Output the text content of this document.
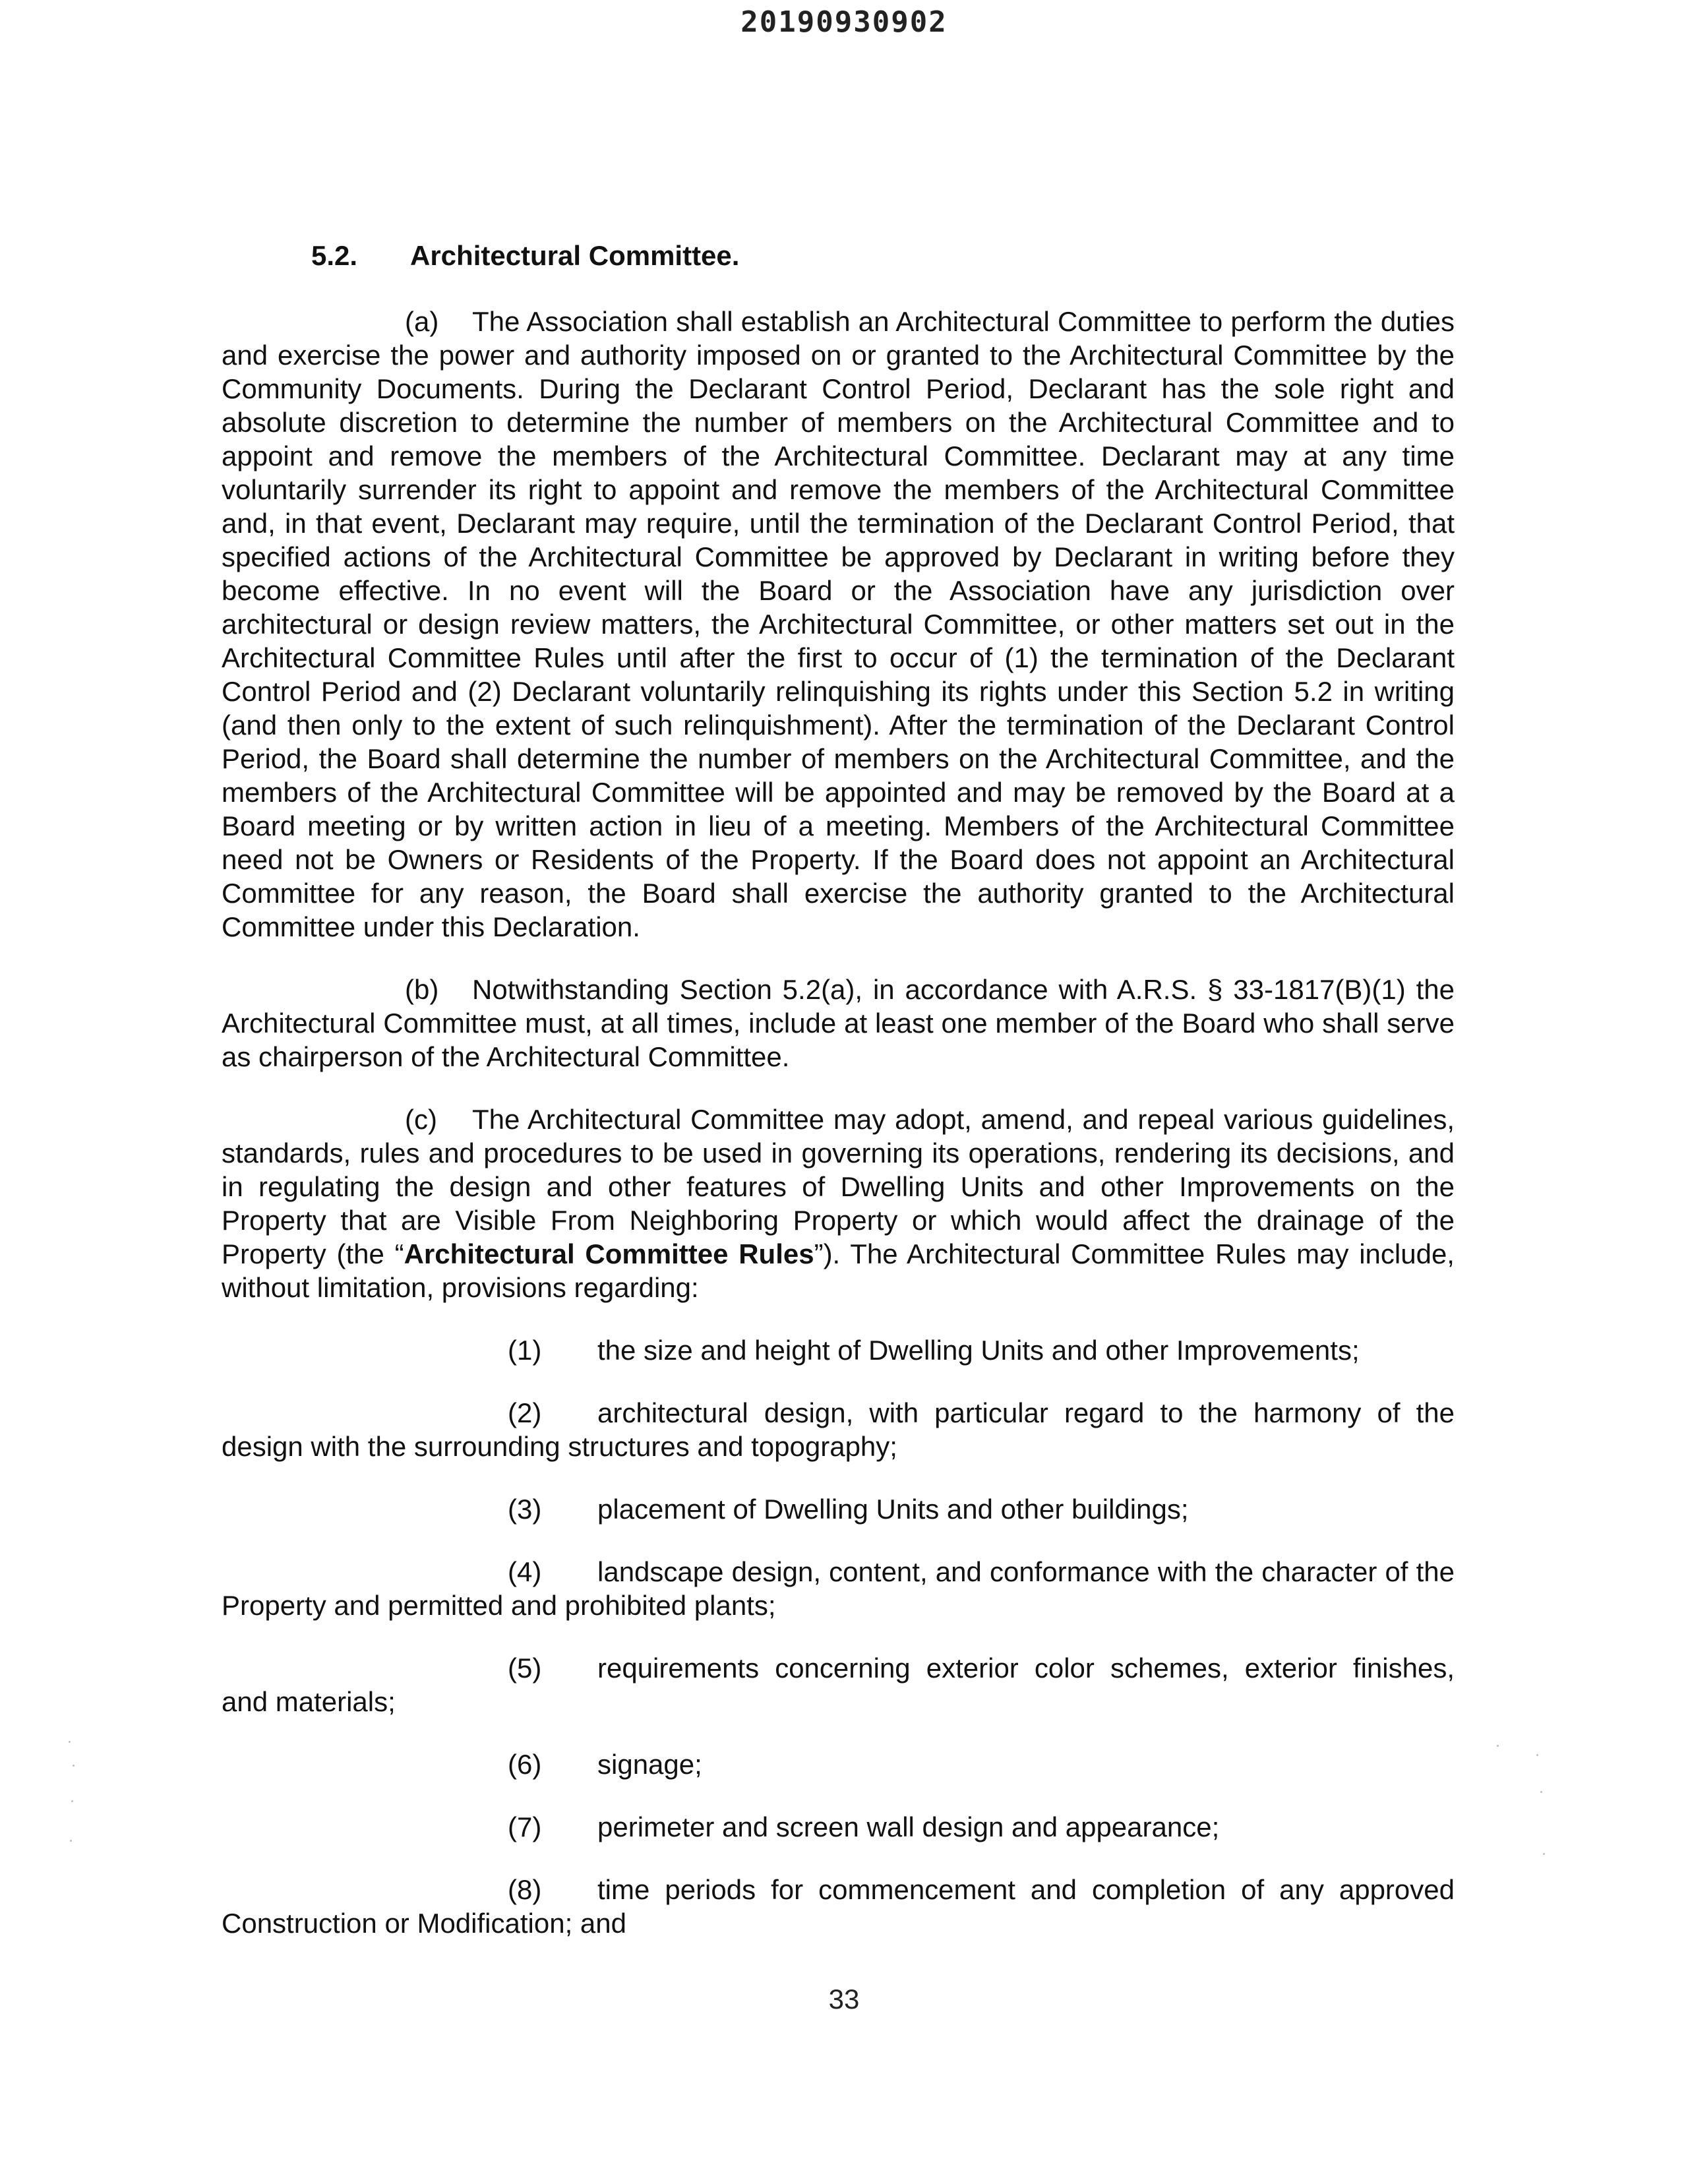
20190930902
5.2. Architectural Committee.
(a) The Association shall establish an Architectural Committee to perform the duties and exercise the power and authority imposed on or granted to the Architectural Committee by the Community Documents. During the Declarant Control Period, Declarant has the sole right and absolute discretion to determine the number of members on the Architectural Committee and to appoint and remove the members of the Architectural Committee. Declarant may at any time voluntarily surrender its right to appoint and remove the members of the Architectural Committee and, in that event, Declarant may require, until the termination of the Declarant Control Period, that specified actions of the Architectural Committee be approved by Declarant in writing before they become effective. In no event will the Board or the Association have any jurisdiction over architectural or design review matters, the Architectural Committee, or other matters set out in the Architectural Committee Rules until after the first to occur of (1) the termination of the Declarant Control Period and (2) Declarant voluntarily relinquishing its rights under this Section 5.2 in writing (and then only to the extent of such relinquishment). After the termination of the Declarant Control Period, the Board shall determine the number of members on the Architectural Committee, and the members of the Architectural Committee will be appointed and may be removed by the Board at a Board meeting or by written action in lieu of a meeting. Members of the Architectural Committee need not be Owners or Residents of the Property. If the Board does not appoint an Architectural Committee for any reason, the Board shall exercise the authority granted to the Architectural Committee under this Declaration.
(b) Notwithstanding Section 5.2(a), in accordance with A.R.S. § 33-1817(B)(1) the Architectural Committee must, at all times, include at least one member of the Board who shall serve as chairperson of the Architectural Committee.
(c) The Architectural Committee may adopt, amend, and repeal various guidelines, standards, rules and procedures to be used in governing its operations, rendering its decisions, and in regulating the design and other features of Dwelling Units and other Improvements on the Property that are Visible From Neighboring Property or which would affect the drainage of the Property (the “Architectural Committee Rules”). The Architectural Committee Rules may include, without limitation, provisions regarding:
(1) the size and height of Dwelling Units and other Improvements;
(2) architectural design, with particular regard to the harmony of the design with the surrounding structures and topography;
(3) placement of Dwelling Units and other buildings;
(4) landscape design, content, and conformance with the character of the Property and permitted and prohibited plants;
(5) requirements concerning exterior color schemes, exterior finishes, and materials;
(6) signage;
(7) perimeter and screen wall design and appearance;
(8) time periods for commencement and completion of any approved Construction or Modification; and
33
